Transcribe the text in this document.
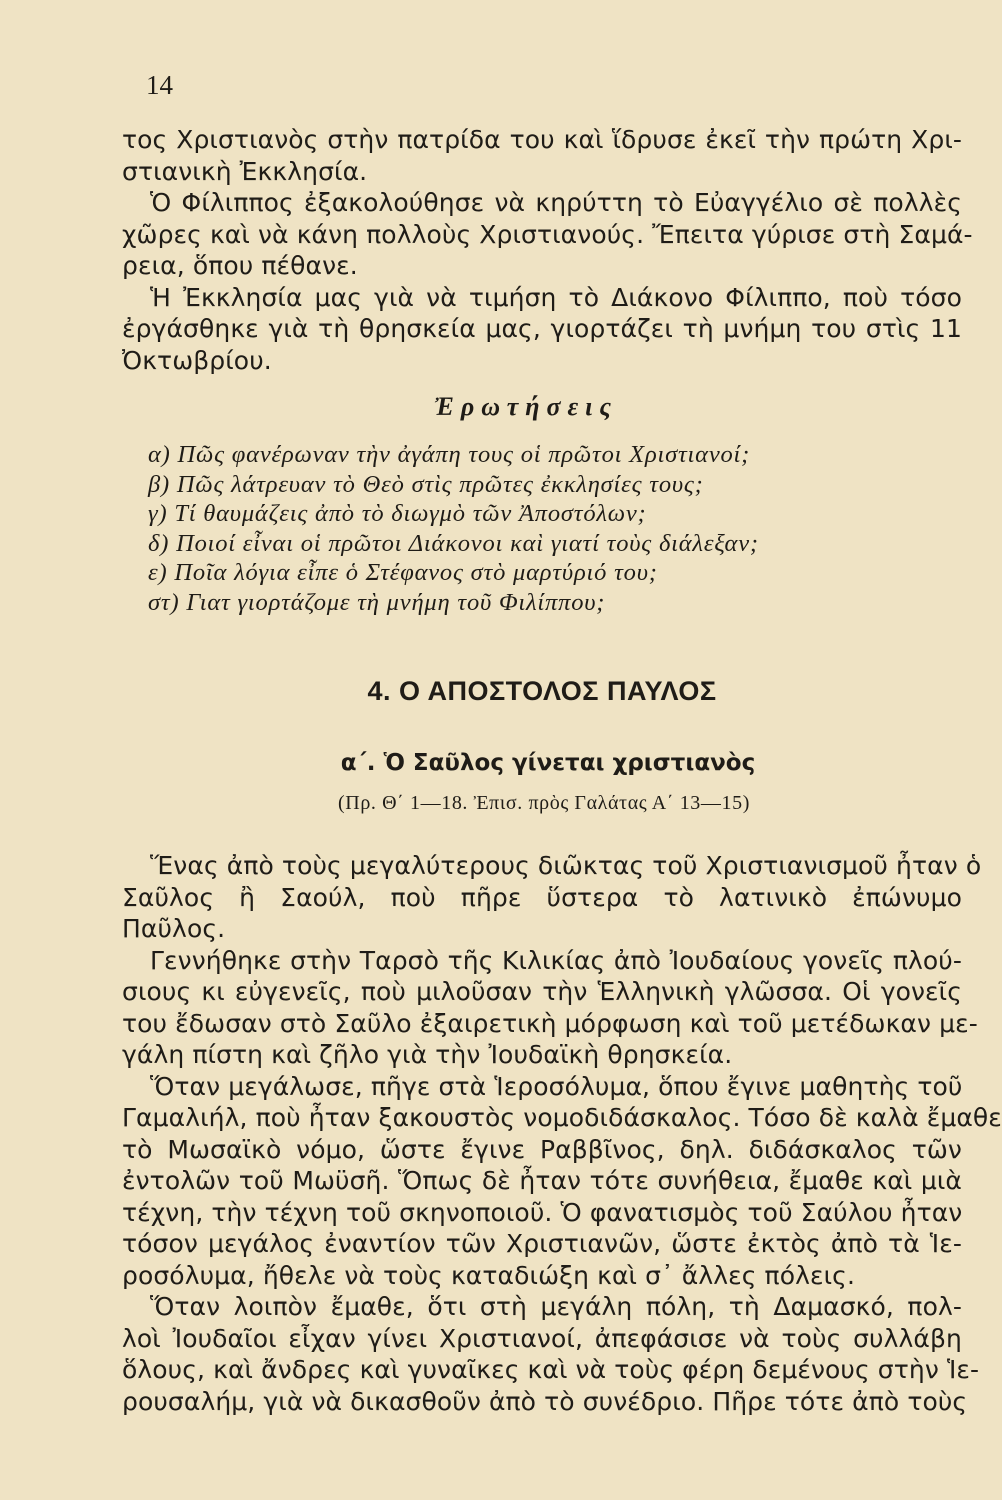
14
τος Χριστιανὸς στὴν πατρίδα του καὶ ἵδρυσε ἐκεῖ τὴν πρώτη Χρι-
στιανικὴ Ἐκκλησία.
Ὁ Φίλιππος ἐξακολούθησε νὰ κηρύττη τὸ Εὐαγγέλιο σὲ πολλὲς
χῶρες καὶ νὰ κάνη πολλοὺς Χριστιανούς. Ἔπειτα γύρισε στὴ Σαμά-
ρεια, ὅπου πέθανε.
Ἡ Ἐκκλησία μας γιὰ νὰ τιμήση τὸ Διάκονο Φίλιππο, ποὺ τόσο
ἐργάσθηκε γιὰ τὴ θρησκεία μας, γιορτάζει τὴ μνήμη του στὶς 11
Ὀκτωβρίου.
Ἐρωτήσεις
α) Πῶς φανέρωναν τὴν ἀγάπη τους οἱ πρῶτοι Χριστιανοί;
β) Πῶς λάτρευαν τὸ Θεὸ στὶς πρῶτες ἐκκλησίες τους;
γ) Τί θαυμάζεις ἀπὸ τὸ διωγμὸ τῶν Ἀποστόλων;
δ) Ποιοί εἶναι οἱ πρῶτοι Διάκονοι καὶ γιατί τοὺς διάλεξαν;
ε) Ποῖα λόγια εἶπε ὁ Στέφανος στὸ μαρτύριό του;
στ) Γιατ γιορτάζομε τὴ μνήμη τοῦ Φιλίππου;
4. Ο ΑΠΟΣΤΟΛΟΣ ΠΑΥΛΟΣ
α΄. Ὁ Σαῦλος γίνεται χριστιανὸς
(Πρ. Θ΄ 1—18. Ἐπισ. πρὸς Γαλάτας Α΄ 13—15)
Ἕνας ἀπὸ τοὺς μεγαλύτερους διῶκτας τοῦ Χριστιανισμοῦ ἦταν ὁ
Σαῦλος ἢ Σαούλ, ποὺ πῆρε ὕστερα τὸ λατινικὸ ἐπώνυμο
Παῦλος.
Γεννήθηκε στὴν Ταρσὸ τῆς Κιλικίας ἀπὸ Ἰουδαίους γονεῖς πλού-
σιους κι εὐγενεῖς, ποὺ μιλοῦσαν τὴν Ἑλληνικὴ γλῶσσα. Οἱ γονεῖς
του ἔδωσαν στὸ Σαῦλο ἐξαιρετικὴ μόρφωση καὶ τοῦ μετέδωκαν με-
γάλη πίστη καὶ ζῆλο γιὰ τὴν Ἰουδαϊκὴ θρησκεία.
Ὅταν μεγάλωσε, πῆγε στὰ Ἱεροσόλυμα, ὅπου ἔγινε μαθητὴς τοῦ
Γαμαλιήλ, ποὺ ἦταν ξακουστὸς νομοδιδάσκαλος. Τόσο δὲ καλὰ ἔμαθε
τὸ Μωσαϊκὸ νόμο, ὥστε ἔγινε Ραββῖνος, δηλ. διδάσκαλος τῶν
ἐντολῶν τοῦ Μωϋσῆ. Ὅπως δὲ ἦταν τότε συνήθεια, ἔμαθε καὶ μιὰ
τέχνη, τὴν τέχνη τοῦ σκηνοποιοῦ. Ὁ φανατισμὸς τοῦ Σαύλου ἦταν
τόσον μεγάλος ἐναντίον τῶν Χριστιανῶν, ὥστε ἐκτὸς ἀπὸ τὰ Ἱε-
ροσόλυμα, ἤθελε νὰ τοὺς καταδιώξη καὶ σ᾿ ἄλλες πόλεις.
Ὅταν λοιπὸν ἔμαθε, ὅτι στὴ μεγάλη πόλη, τὴ Δαμασκό, πολ-
λοὶ Ἰουδαῖοι εἶχαν γίνει Χριστιανοί, ἀπεφάσισε νὰ τοὺς συλλάβη
ὅλους, καὶ ἄνδρες καὶ γυναῖκες καὶ νὰ τοὺς φέρη δεμένους στὴν Ἱε-
ρουσαλήμ, γιὰ νὰ δικασθοῦν ἀπὸ τὸ συνέδριο. Πῆρε τότε ἀπὸ τοὺς
